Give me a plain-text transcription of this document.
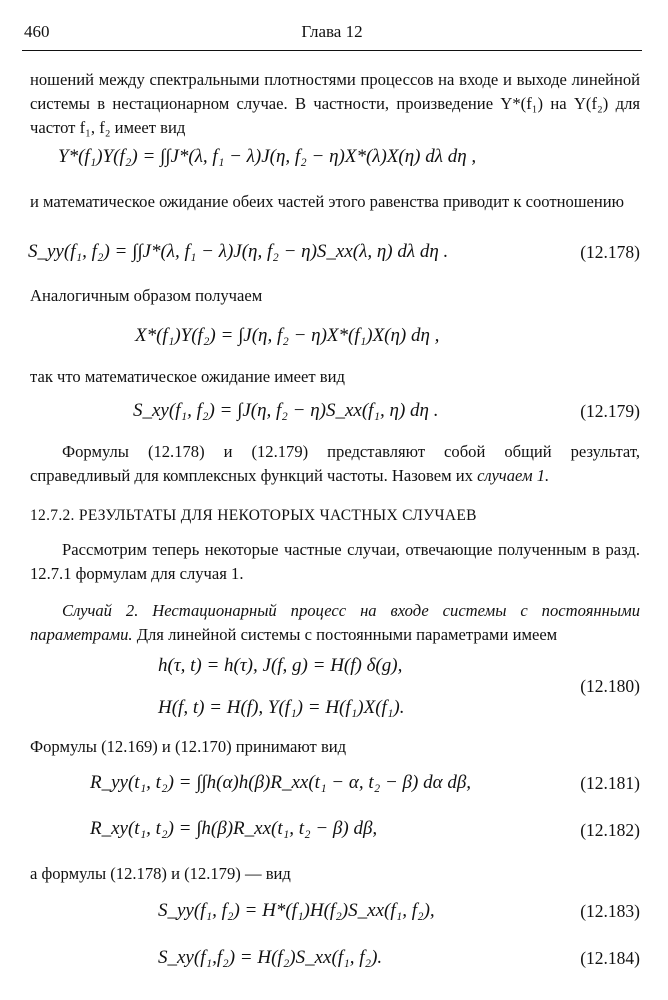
460	Глава 12
ношений между спектральными плотностями процессов на входе и выходе линейной системы в нестационарном случае. В частности, произведение Y*(f₁) на Y(f₂) для частот f₁, f₂ имеет вид
Y*(f₁)Y(f₂) = ∫∫J*(λ, f₁ − λ)J(η, f₂ − η)X*(λ)X(η) dλ dη ,
и математическое ожидание обеих частей этого равенства приводит к соотношению
S_yy(f₁, f₂) = ∫∫J*(λ, f₁ − λ)J(η, f₂ − η)S_xx(λ, η) dλ dη .	(12.178)
Аналогичным образом получаем
X*(f₁)Y(f₂) = ∫J(η, f₂ − η)X*(f₁)X(η) dη ,
так что математическое ожидание имеет вид
S_xy(f₁, f₂) = ∫J(η, f₂ − η)S_xx(f₁, η) dη .	(12.179)
Формулы (12.178) и (12.179) представляют собой общий результат, справедливый для комплексных функций частоты. Назовем их случаем 1.
12.7.2. РЕЗУЛЬТАТЫ ДЛЯ НЕКОТОРЫХ ЧАСТНЫХ СЛУЧАЕВ
Рассмотрим теперь некоторые частные случаи, отвечающие полученным в разд. 12.7.1 формулам для случая 1.
Случай 2. Нестационарный процесс на входе системы с постоянными параметрами. Для линейной системы с постоянными параметрами имеем
h(τ, t) = h(τ), J(f, g) = H(f) δ(g),
H(f, t) = H(f), Y(f₁) = H(f₁)X(f₁).
(12.180)
Формулы (12.169) и (12.170) принимают вид
R_yy(t₁, t₂) = ∫∫h(α)h(β)R_xx(t₁ − α, t₂ − β) dα dβ,	(12.181)
R_xy(t₁, t₂) = ∫h(β)R_xx(t₁, t₂ − β) dβ,	(12.182)
а формулы (12.178) и (12.179) — вид
S_yy(f₁, f₂) = H*(f₁)H(f₂)S_xx(f₁, f₂),	(12.183)
S_xy(f₁,f₂) = H(f₂)S_xx(f₁, f₂).	(12.184)
